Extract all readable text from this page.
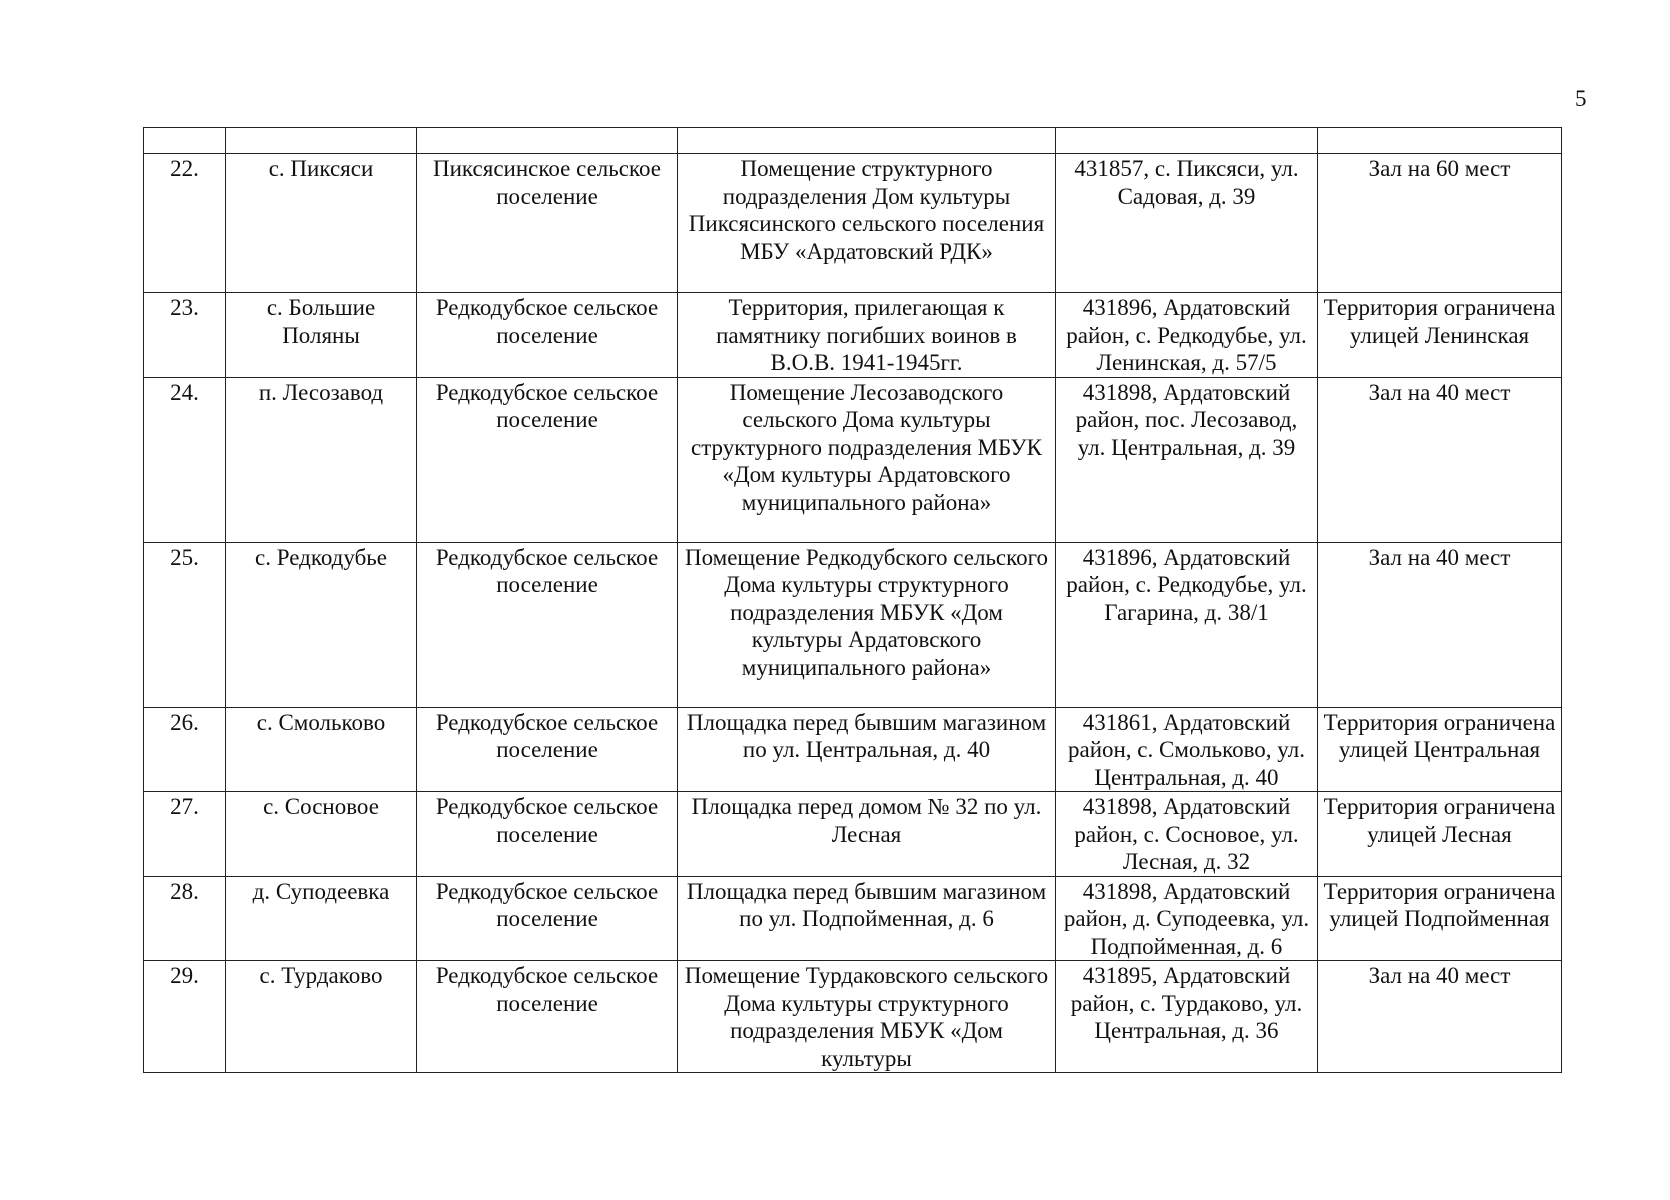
5

22.	с. Пиксяси	Пиксясинское сельское поселение	Помещение структурного подразделения Дом культуры Пиксясинского сельского поселения МБУ «Ардатовский РДК»	431857, с. Пиксяси, ул. Садовая, д. 39	Зал на 60 мест
23.	с. Большие Поляны	Редкодубское сельское поселение	Территория, прилегающая к памятнику погибших воинов в В.О.В. 1941-1945гг.	431896, Ардатовский район, с. Редкодубье, ул. Ленинская, д. 57/5	Территория ограничена улицей Ленинская
24.	п. Лесозавод	Редкодубское сельское поселение	Помещение Лесозаводского сельского Дома культуры структурного подразделения МБУК «Дом культуры Ардатовского муниципального района»	431898, Ардатовский район, пос. Лесозавод, ул. Центральная, д. 39	Зал на 40 мест
25.	с. Редкодубье	Редкодубское сельское поселение	Помещение Редкодубского сельского Дома культуры структурного подразделения МБУК «Дом культуры Ардатовского муниципального района»	431896, Ардатовский район, с. Редкодубье, ул. Гагарина, д. 38/1	Зал на 40 мест
26.	с. Смольково	Редкодубское сельское поселение	Площадка перед бывшим магазином по ул. Центральная, д. 40	431861, Ардатовский район, с. Смольково, ул. Центральная, д. 40	Территория ограничена улицей Центральная
27.	с. Сосновое	Редкодубское сельское поселение	Площадка перед домом № 32 по ул. Лесная	431898, Ардатовский район, с. Сосновое, ул. Лесная, д. 32	Территория ограничена улицей Лесная
28.	д. Суподеевка	Редкодубское сельское поселение	Площадка перед бывшим магазином по ул. Подпойменная, д. 6	431898, Ардатовский район, д. Суподеевка, ул. Подпойменная, д. 6	Территория ограничена улицей Подпойменная
29.	с. Турдаково	Редкодубское сельское поселение	Помещение Турдаковского сельского Дома культуры структурного подразделения МБУК «Дом культуры	431895, Ардатовский район, с. Турдаково, ул. Центральная, д. 36	Зал на 40 мест
